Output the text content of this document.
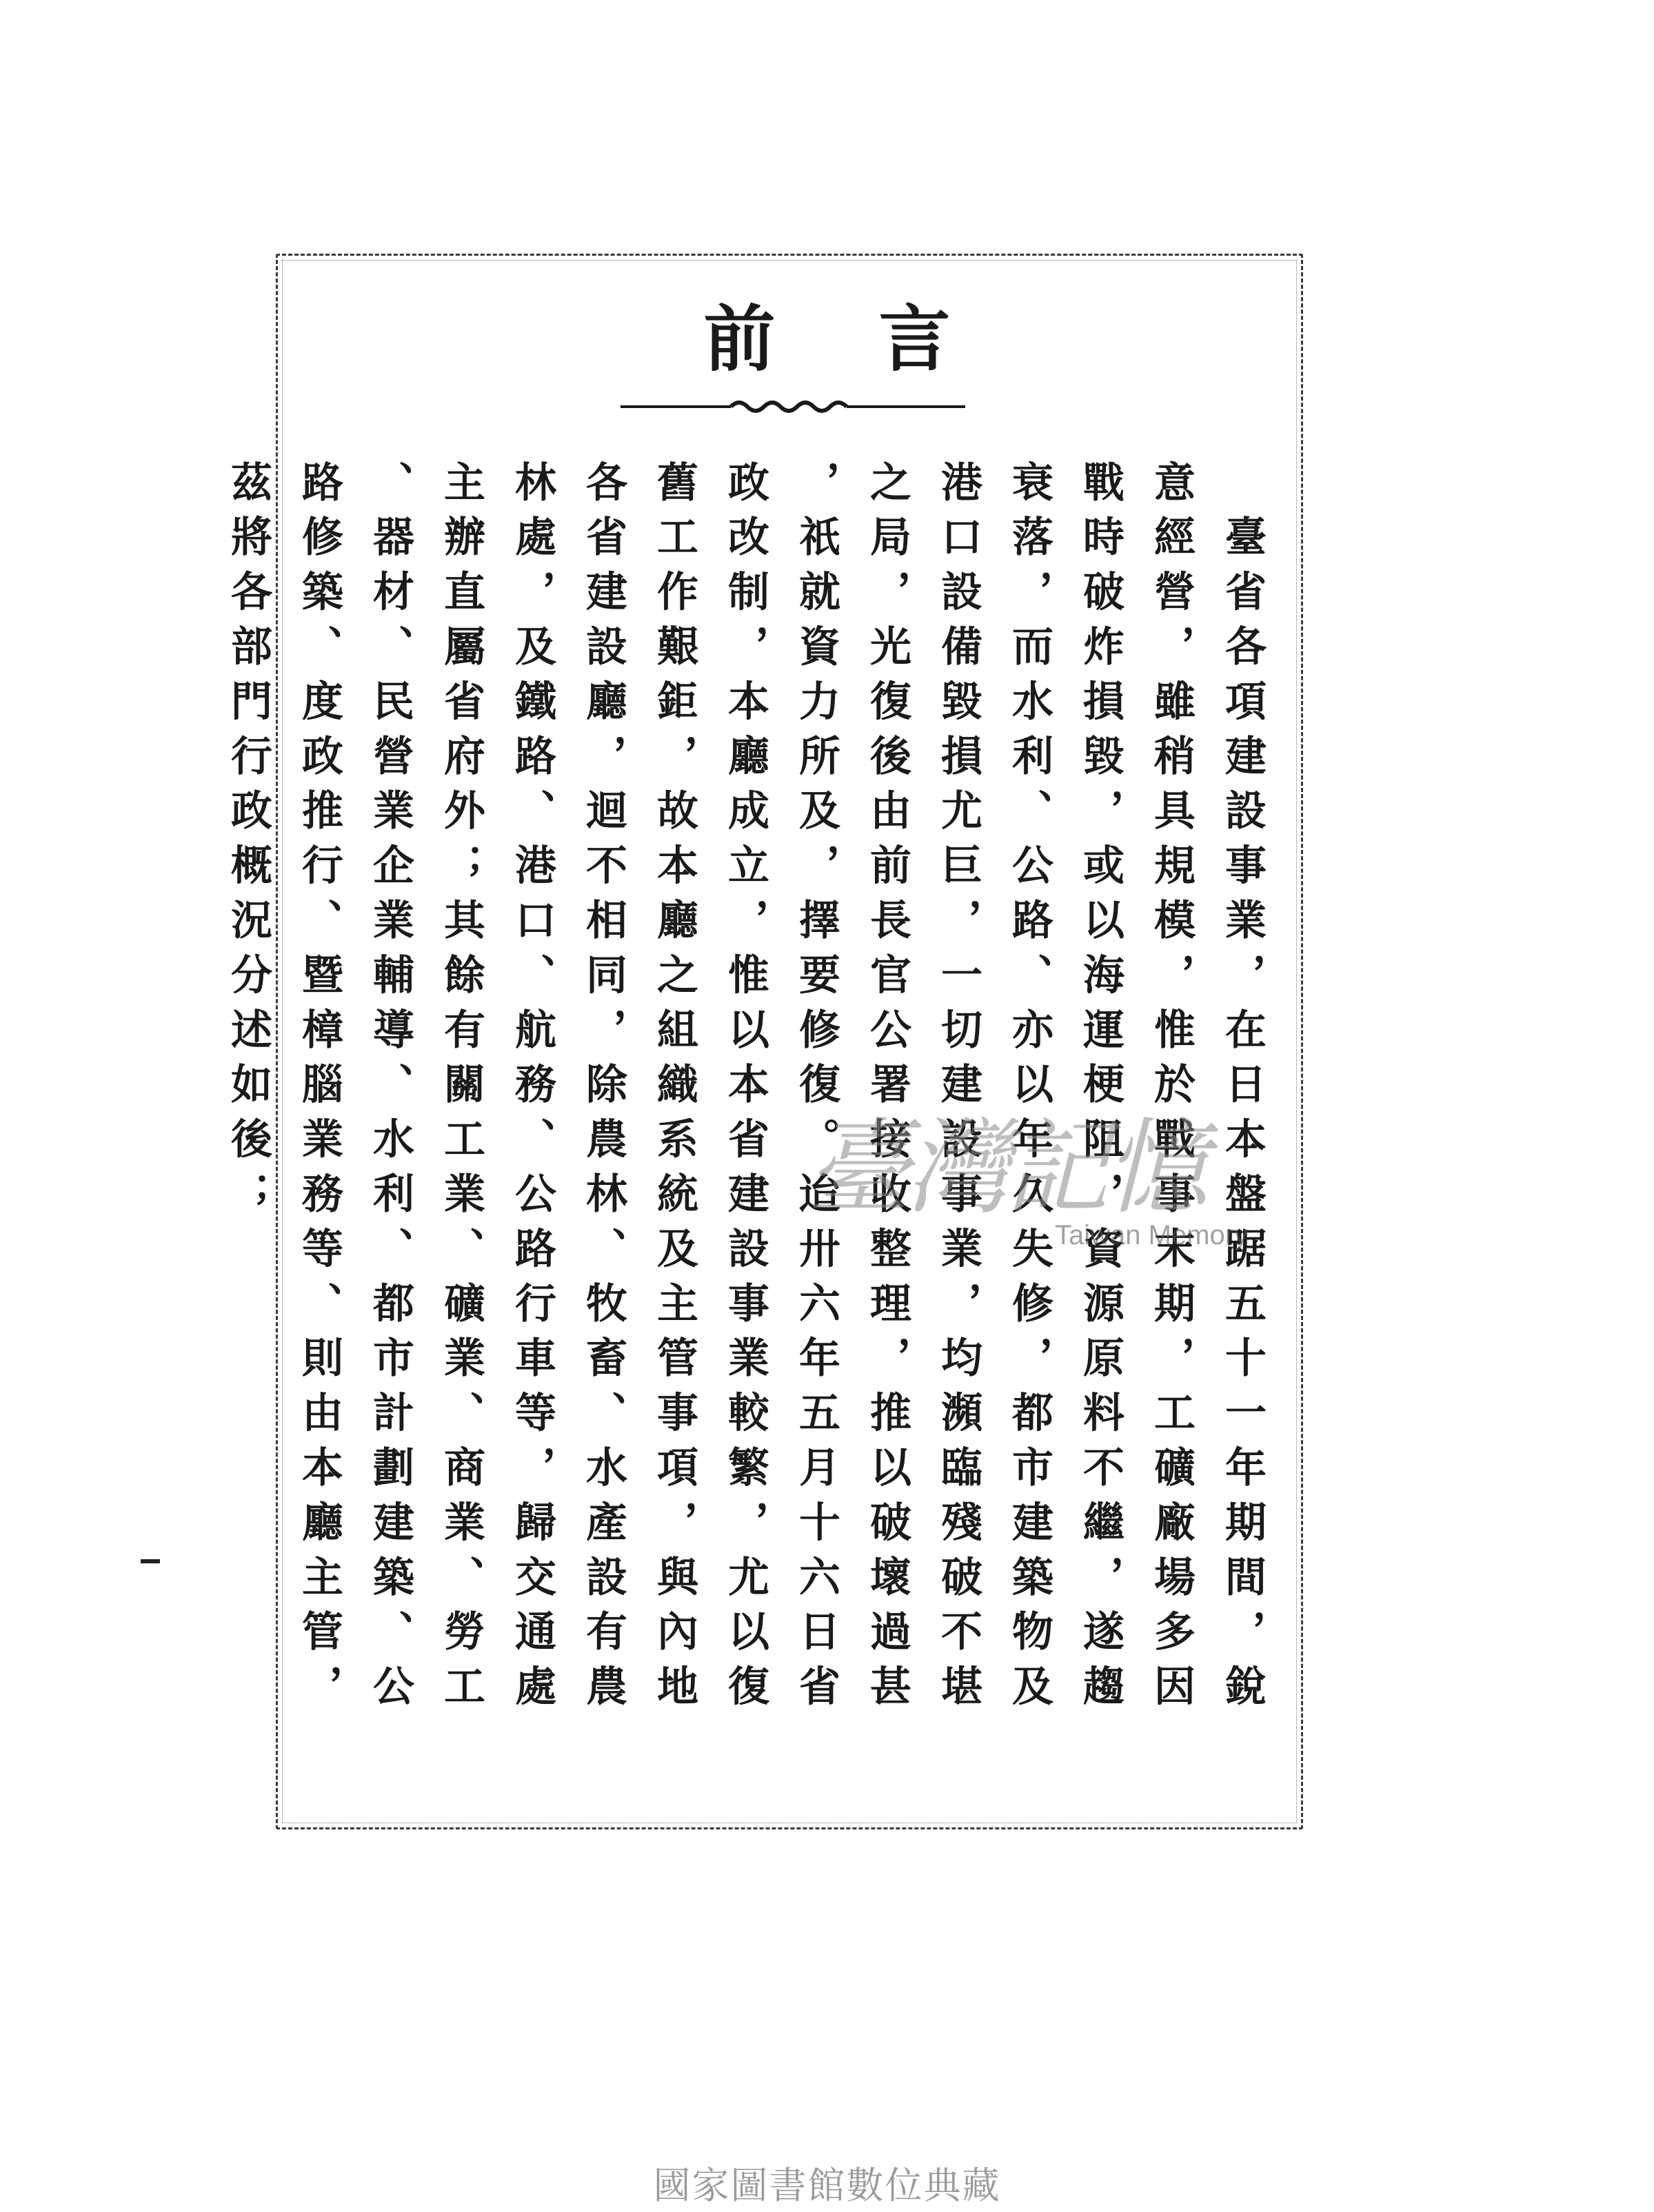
前言
　臺省各項建設事業，在日本盤踞五十一年期間，銳
意經營，雖稍具規模，惟於戰事末期，工礦廠場多因
戰時破炸損毀，或以海運梗阻，資源原料不繼，遂趨
衰落，而水利、公路、亦以年久失修，都市建築物及
港口設備毀損尤巨，一切建設事業，均瀕臨殘破不堪
之局，光復後由前長官公署接收整理，推以破壞過甚
，祇就資力所及，擇要修復。迨卅六年五月十六日省
政改制，本廳成立，惟以本省建設事業較繁，尤以復
舊工作艱鉅，故本廳之組織系統及主管事項，與內地
各省建設廳，迴不相同，除農林、牧畜、水產設有農
林處，及鐵路、港口、航務、公路行車等，歸交通處
主辦直屬省府外；其餘有關工業、礦業、商業、勞工
、器材、民營業企業輔導、水利、都市計劃建築、公
路修築、度政推行、暨樟腦業務等、則由本廳主管，
茲將各部門行政概況分述如後；	臺灣記憶
Taiwan Memory
國家圖書館數位典藏
